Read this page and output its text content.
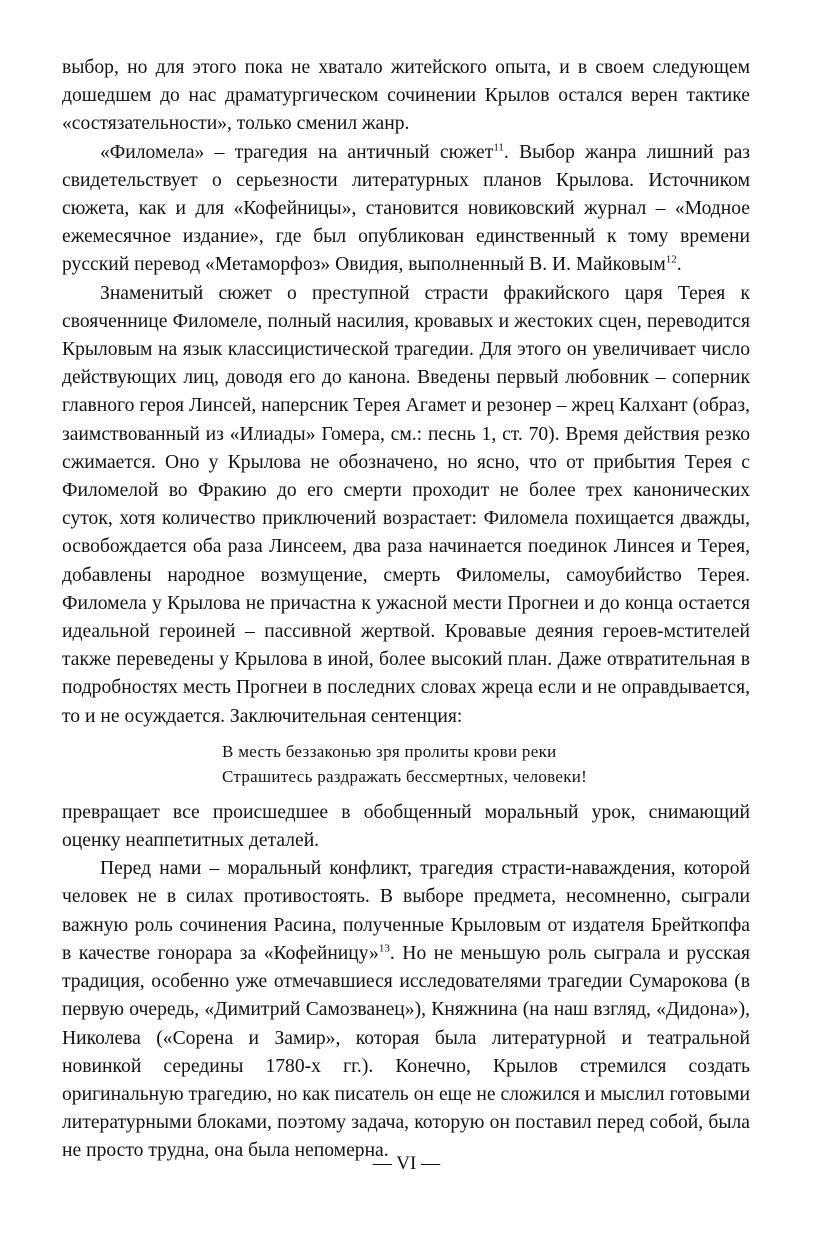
выбор, но для этого пока не хватало житейского опыта, и в своем следующем дошедшем до нас драматургическом сочинении Крылов остался верен тактике «состязательности», только сменил жанр.

«Филомела» – трагедия на античный сюжет$^{11}$. Выбор жанра лишний раз свидетельствует о серьезности литературных планов Крылова. Источником сюжета, как и для «Кофейницы», становится новиковский журнал – «Модное ежемесячное издание», где был опубликован единственный к тому времени русский перевод «Метаморфоз» Овидия, выполненный В. И. Майковым$^{12}$.

Знаменитый сюжет о преступной страсти фракийского царя Терея к свояченнице Филомеле, полный насилия, кровавых и жестоких сцен, переводится Крыловым на язык классицистической трагедии. Для этого он увеличивает число действующих лиц, доводя его до канона. Введены первый любовник – соперник главного героя Линсей, наперсник Терея Агамет и резонер – жрец Калхант (образ, заимствованный из «Илиады» Гомера, см.: песнь 1, ст. 70). Время действия резко сжимается. Оно у Крылова не обозначено, но ясно, что от прибытия Терея с Филомелой во Фракию до его смерти проходит не более трех канонических суток, хотя количество приключений возрастает: Филомела похищается дважды, освобождается оба раза Линсеем, два раза начинается поединок Линсея и Терея, добавлены народное возмущение, смерть Филомелы, самоубийство Терея. Филомела у Крылова не причастна к ужасной мести Прогнеи и до конца остается идеальной героиней – пассивной жертвой. Кровавые деяния героев-мстителей также переведены у Крылова в иной, более высокий план. Даже отвратительная в подробностях месть Прогнеи в последних словах жреца если и не оправдывается, то и не осуждается. Заключительная сентенция:

В месть беззаконью зря пролиты крови реки
Страшитесь раздражать бессмертных, человеки!

превращает все происшедшее в обобщенный моральный урок, снимающий оценку неаппетитных деталей.

Перед нами – моральный конфликт, трагедия страсти-наваждения, которой человек не в силах противостоять. В выборе предмета, несомненно, сыграли важную роль сочинения Расина, полученные Крыловым от издателя Брейткопфа в качестве гонорара за «Кофейницу»$^{13}$. Но не меньшую роль сыграла и русская традиция, особенно уже отмечавшиеся исследователями трагедии Сумарокова (в первую очередь, «Димитрий Самозванец»), Княжнина (на наш взгляд, «Дидона»), Николева («Сорена и Замир», которая была литературной и театральной новинкой середины 1780-х гг.). Конечно, Крылов стремился создать оригинальную трагедию, но как писатель он еще не сложился и мыслил готовыми литературными блоками, поэтому задача, которую он поставил перед собой, была не просто трудна, она была непомерна.

— VI —
